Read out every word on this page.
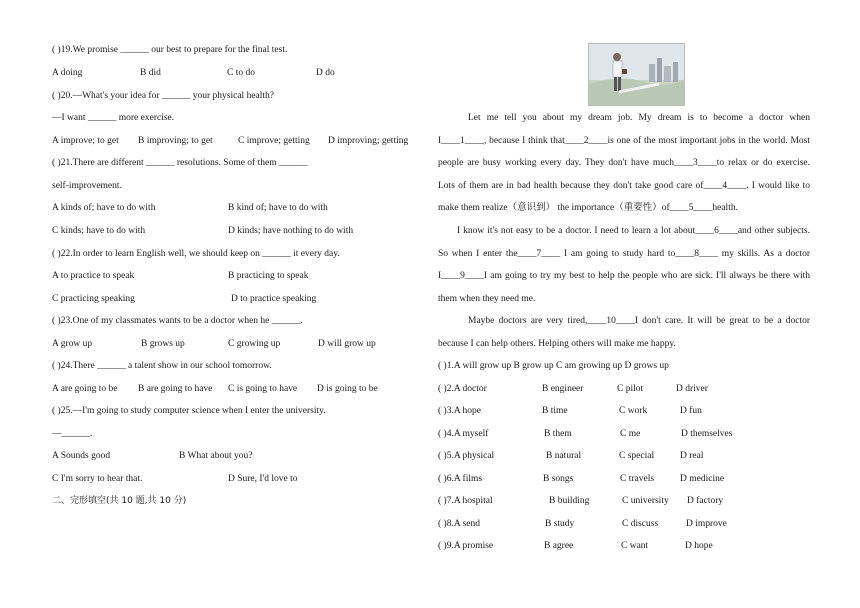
( )19.We promise ______ our best to prepare for the final test.
A doing	B did	C to do	D do
( )20.—What's your idea for ______ your physical health?
—I want ______ more exercise.
A improve; to get B improving; to get	C improve; getting D improving; getting
( )21.There are different ______ resolutions. Some of them ______
self-improvement.
A kinds of; have to do with	B kind of; have to do with
C kinds; have to do with	D kinds; have nothing to do with
( )22.In order to learn English well, we should keep on ______ it every day.
A to practice to speak	B practicing to speak
C practicing speaking	D to practice speaking
( )23.One of my classmates wants to be a doctor when he ______.
A grow up	B grows up	C growing up	D will grow up
( )24.There ______ a talent show in our school tomorrow.
A are going to be B are going to have C is going to have D is going to be
( )25.—I'm going to study computer science when I enter the university.
—______.
A Sounds good	B What about you?
C I'm sorry to hear that.	D Sure, I'd love to
二、完形填空(共 10 题,共 10 分)
Let me tell you about my dream job. My dream is to become a doctor when
I____1____, because I think that____2____is one of the most important jobs in the world. Most
people are busy working every day. They don't have much____3____to relax or do exercise.
Lots of them are in bad health because they don't take good care of____4____. I would like to
make them realize（意识到） the importance（重要性）of____5____health.
I know it's not easy to be a doctor. I need to learn a lot about____6____and other subjects.
So when I enter the____7____ I am going to study hard to____8____ my skills. As a doctor
I____9____I am going to try my best to help the people who are sick. I'll always be there with
them when they need me.
Maybe doctors are very tired,____10____I don't care. It will be great to be a doctor
because I can help others. Helping others will make me happy.
( )1.A will grow up B grow up C am growing up D grows up
( )2.A doctor	B engineer	C pilot	D driver
( )3.A hope	B time	C work	D fun
( )4.A myself	B them	C me	D themselves
( )5.A physical	B natural	C special	D real
( )6.A films	B songs	C travels	D medicine
( )7.A hospital	B building	C university D factory
( )8.A send	B study	C discuss	D improve
( )9.A promise	B agree	C want	D hope
